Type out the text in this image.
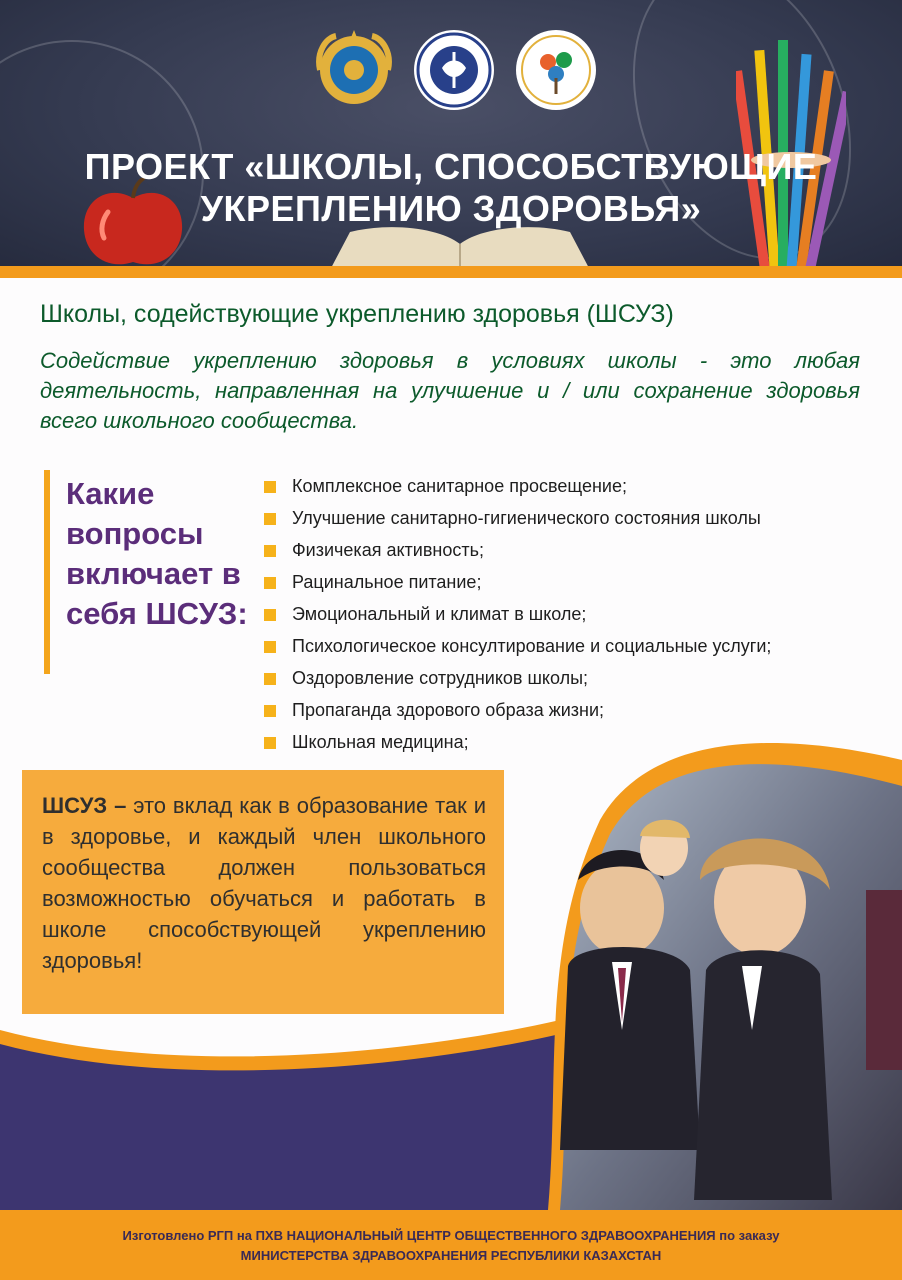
ПРОЕКТ «ШКОЛЫ, СПОСОБСТВУЮЩИЕ
УКРЕПЛЕНИЮ ЗДОРОВЬЯ»
Школы, содействующие укреплению здоровья (ШСУЗ)
Содействие укреплению здоровья в условиях школы - это любая деятельность, направленная на улучшение и / или сохранение здоровья всего школьного сообщества.
Какие вопросы включает в себя ШСУЗ:
Комплексное санитарное просвещение;
Улучшение санитарно-гигиенического состояния школы
Физичекая активность;
Рацинальное питание;
Эмоциональный и климат в школе;
Психологическое консултирование и социальные услуги;
Оздоровление сотрудников школы;
Пропаганда здорового образа жизни;
Школьная медицина;
ШСУЗ – это вклад как в образование так и в здоровье, и каждый член школьного сообщества должен пользоваться возможностью обучаться и работать в школе способствующей укреплению здоровья!
Изготовлено РГП на ПХВ НАЦИОНАЛЬНЫЙ ЦЕНТР ОБЩЕСТВЕННОГО ЗДРАВООХРАНЕНИЯ по заказу
МИНИСТЕРСТВА ЗДРАВООХРАНЕНИЯ РЕСПУБЛИКИ КАЗАХСТАН
